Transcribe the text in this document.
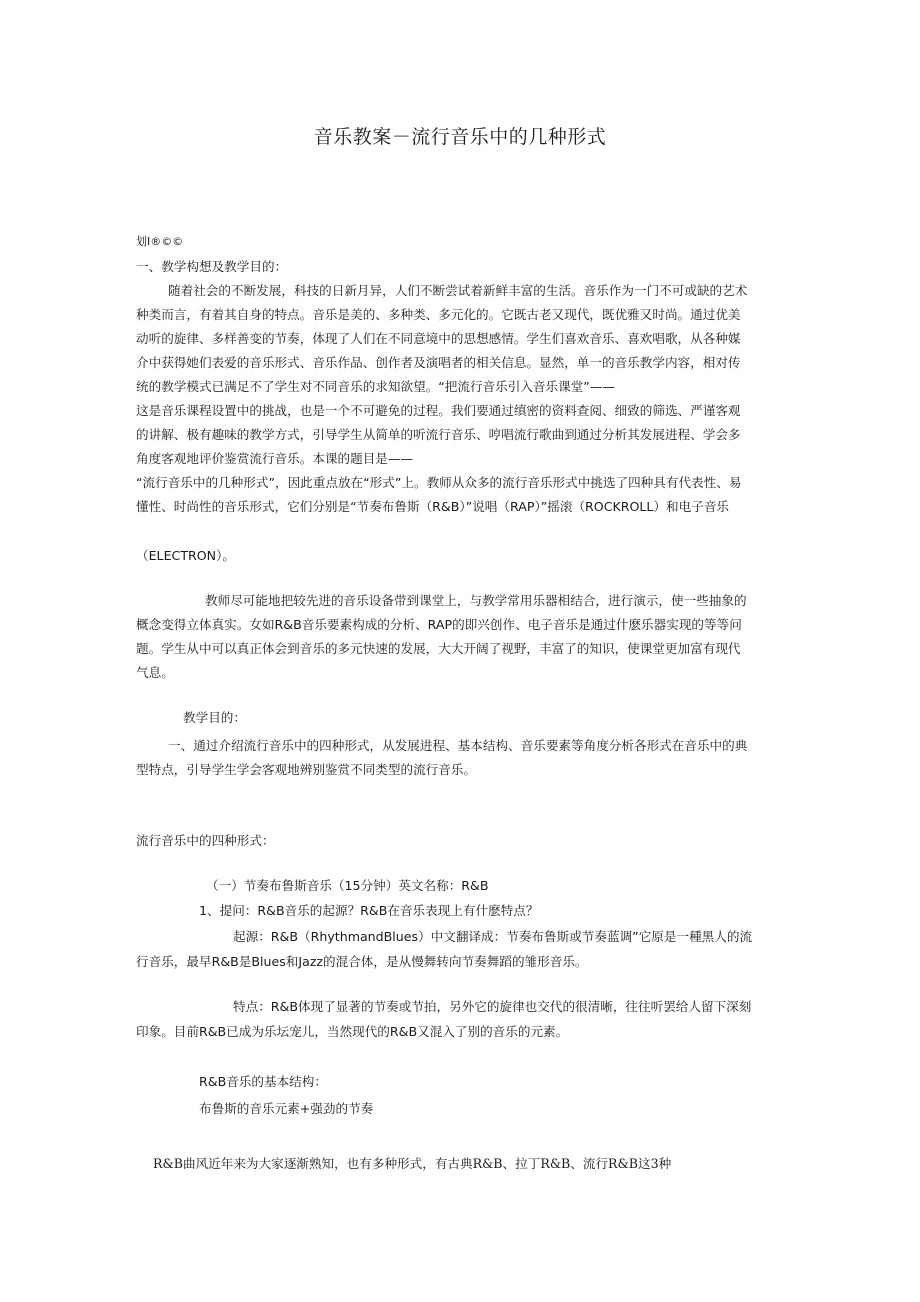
音乐教案－流行音乐中的几种形式
划I®©©
一、教学构想及教学目的：
随着社会的不断发展，科技的日新月异，人们不断尝试着新鲜丰富的生活。音乐作为一门不可或缺的艺术
种类而言，有着其自身的特点。音乐是美的、多种类、多元化的。它既古老又现代，既优雅又时尚。通过优美
动听的旋律、多样善变的节奏，体现了人们在不同意境中的思想感情。学生们喜欢音乐、喜欢唱歌，从各种媒
介中获得她们表爱的音乐形式、音乐作品、创作者及演唱者的相关信息。显然，单一的音乐教学内容，相对传
统的教学模式已满足不了学生对不同音乐的求知欲望。“把流行音乐引入音乐课堂”——
这是音乐课程设置中的挑战，也是一个不可避免的过程。我们要通过缜密的资料查阅、细致的筛选、严谨客观
的讲解、极有趣味的教学方式，引导学生从简单的听流行音乐、哼唱流行歌曲到通过分析其发展进程、学会多
角度客观地评价鉴赏流行音乐。本课的题目是——
“流行音乐中的几种形式”，因此重点放在“形式”上。教师从众多的流行音乐形式中挑选了四种具有代表性、易
懂性、时尚性的音乐形式，它们分别是“节奏布鲁斯（R&B）”说唱（RAP）”摇滚（ROCKROLL）和电子音乐
（ELECTRON）。
教师尽可能地把较先进的音乐设备带到课堂上，与教学常用乐器相结合，进行演示，使一些抽象的
概念变得立体真实。女如R&B音乐要素构成的分析、RAP的即兴创作、电子音乐是通过什麽乐器实现的等等问
题。学生从中可以真正体会到音乐的多元快速的发展，大大开阔了视野，丰富了的知识，使课堂更加富有现代
气息。
教学目的：
一、通过介绍流行音乐中的四种形式，从发展进程、基本结构、音乐要素等角度分析各形式在音乐中的典
型特点，引导学生学会客观地辨别鉴赏不同类型的流行音乐。
流行音乐中的四种形式：
（一）节奏布鲁斯音乐（15分钟）英文名称：R&B
1、提问：R&B音乐的起源？R&B在音乐表现上有什麽特点？
起源：R&B（RhythmandBlues）中文翻译成：节奏布鲁斯或节奏蓝调”它原是一種黑人的流
行音乐，最早R&B是Blues和Jazz的混合体，是从慢舞转向节奏舞蹈的雏形音乐。
特点：R&B体现了显著的节奏或节拍，另外它的旋律也交代的很清晰，往往听罢给人留下深刻
印象。目前R&B已成为乐坛宠儿，当然现代的R&B又混入了别的音乐的元素。
R&B音乐的基本结构：
布鲁斯的音乐元素+强劲的节奏
R&B曲风近年来为大家逐渐熟知，也有多种形式，有古典R&B、拉丁R&B、流行R&B这3种
